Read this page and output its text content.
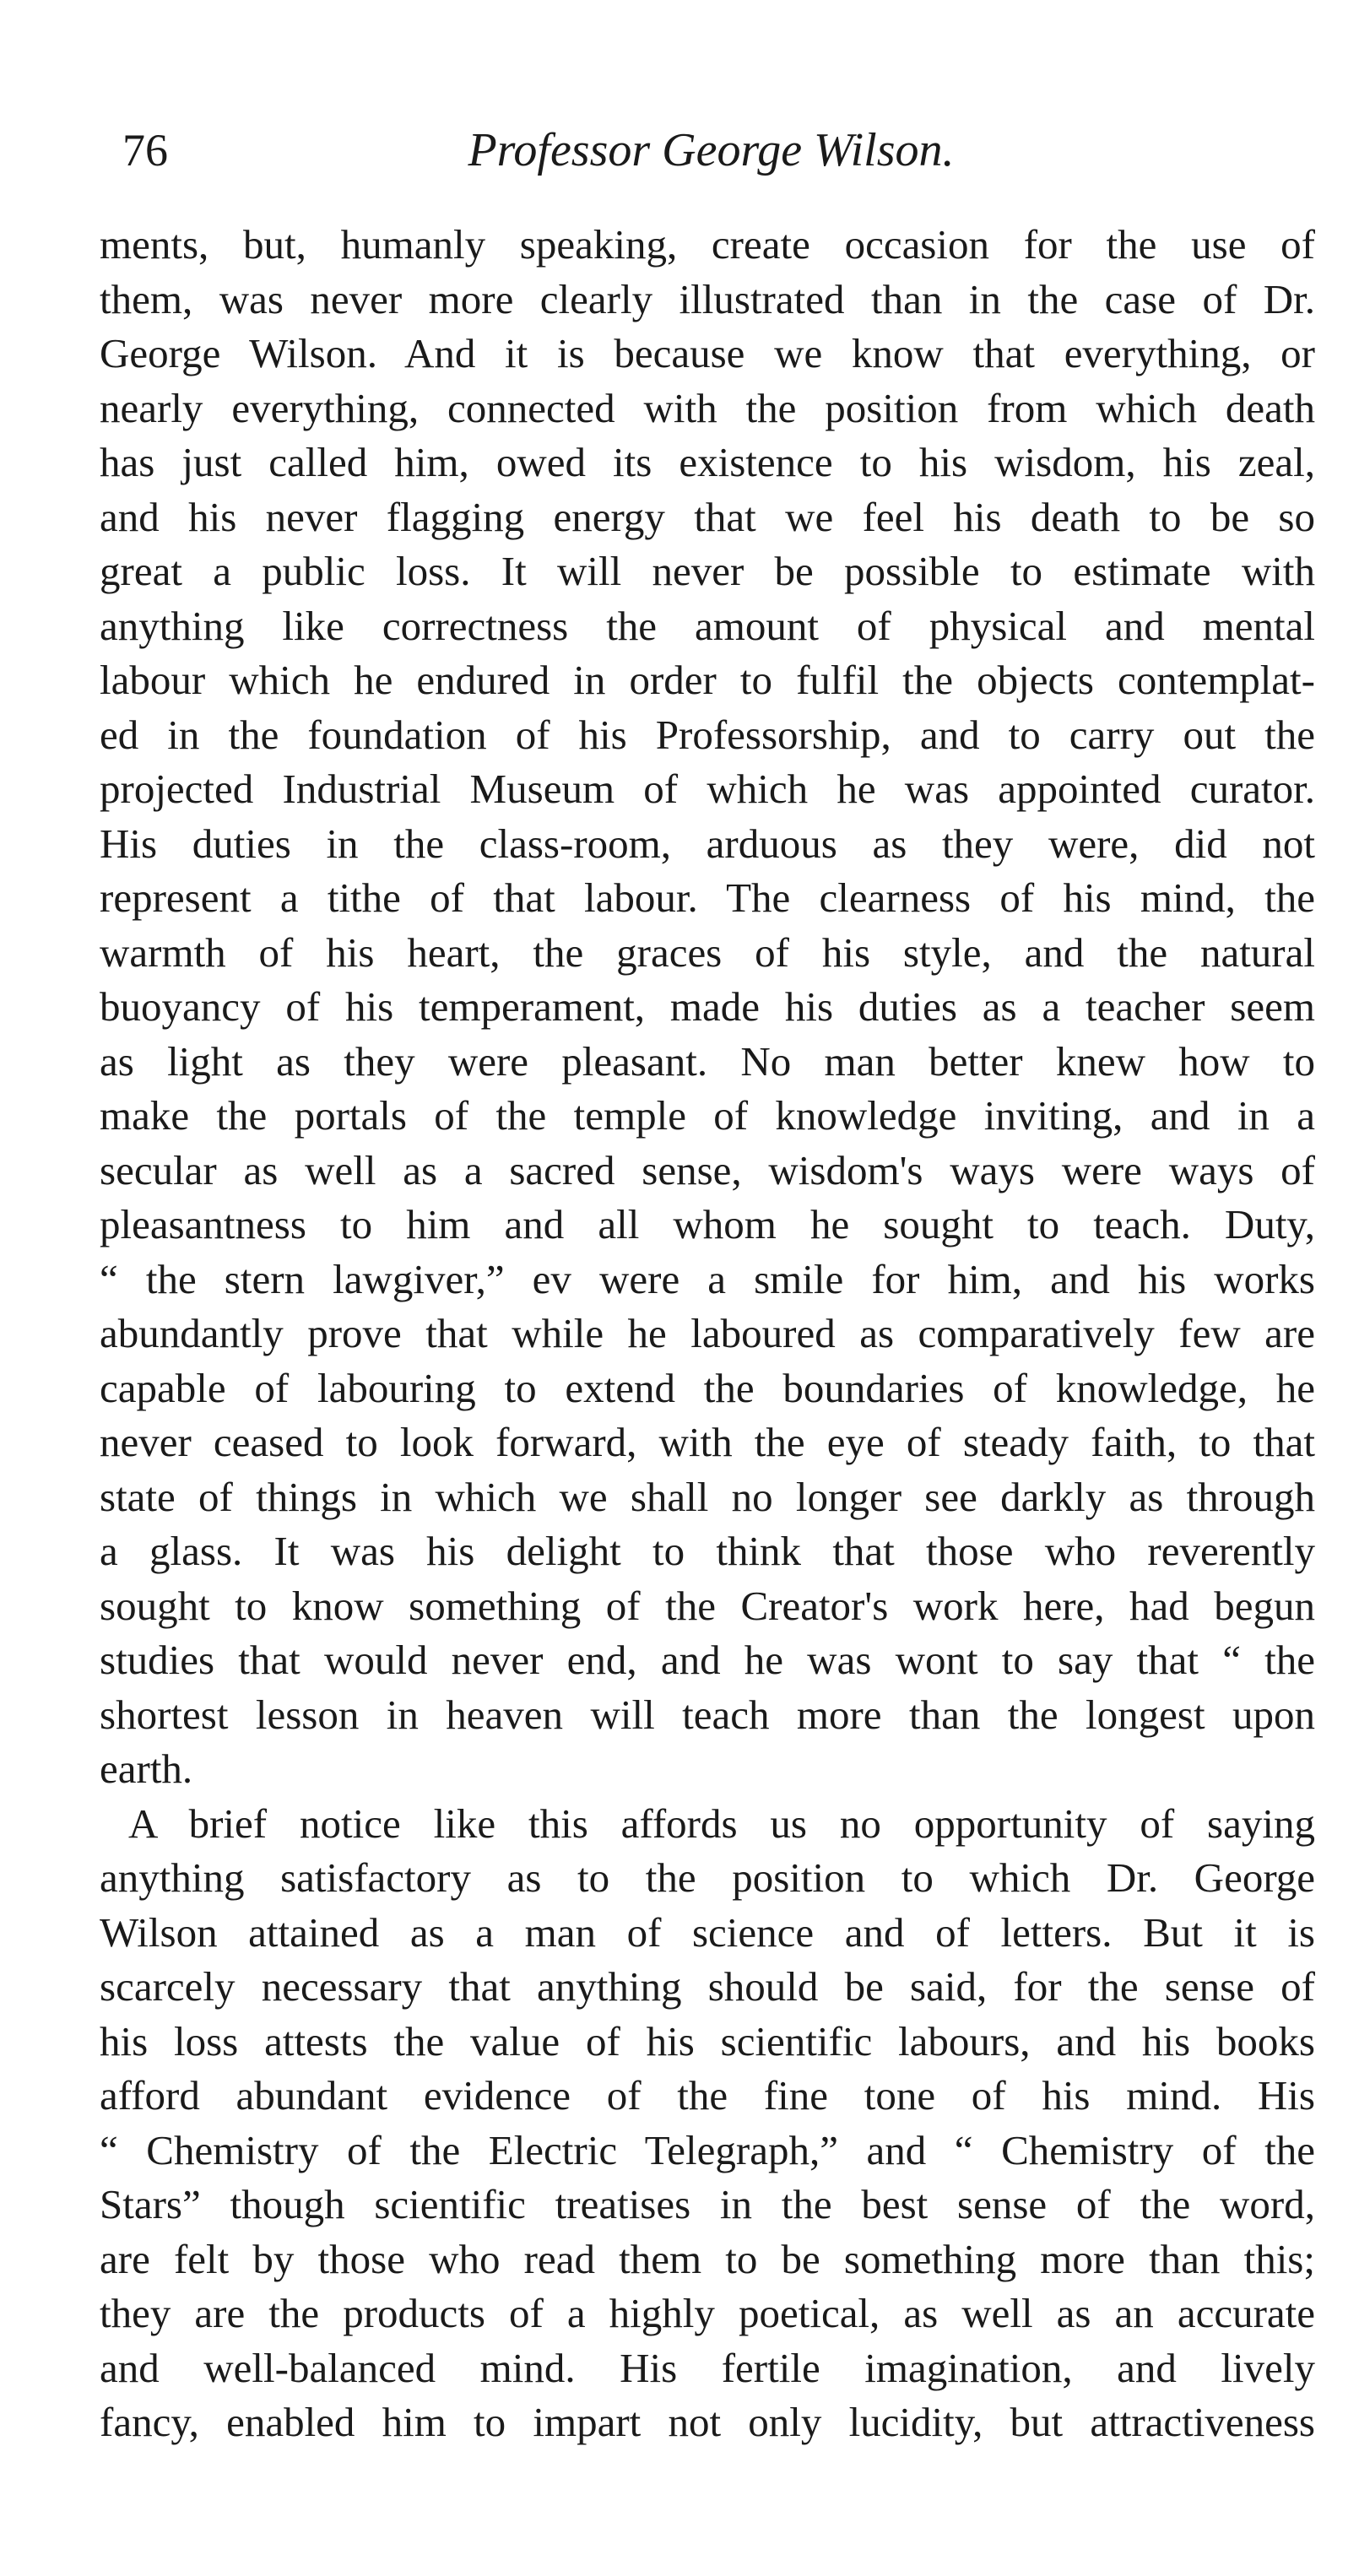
76	Professor George Wilson.
ments, but, humanly speaking, create occasion for the use of
them, was never more clearly illustrated than in the case of Dr.
George Wilson. And it is because we know that everything, or
nearly everything, connected with the position from which death
has just called him, owed its existence to his wisdom, his zeal,
and his never flagging energy that we feel his death to be so
great a public loss. It will never be possible to estimate with
anything like correctness the amount of physical and mental
labour which he endured in order to fulfil the objects contemplat-
ed in the foundation of his Professorship, and to carry out the
projected Industrial Museum of which he was appointed curator.
His duties in the class-room, arduous as they were, did not
represent a tithe of that labour. The clearness of his mind, the
warmth of his heart, the graces of his style, and the natural
buoyancy of his temperament, made his duties as a teacher seem
as light as they were pleasant. No man better knew how to
make the portals of the temple of knowledge inviting, and in a
secular as well as a sacred sense, wisdom's ways were ways of
pleasantness to him and all whom he sought to teach. Duty,
“ the stern lawgiver,” ev were a smile for him, and his works
abundantly prove that while he laboured as comparatively few are
capable of labouring to extend the boundaries of knowledge, he
never ceased to look forward, with the eye of steady faith, to that
state of things in which we shall no longer see darkly as through
a glass. It was his delight to think that those who reverently
sought to know something of the Creator's work here, had begun
studies that would never end, and he was wont to say that “ the
shortest lesson in heaven will teach more than the longest upon
earth.
A brief notice like this affords us no opportunity of saying
anything satisfactory as to the position to which Dr. George
Wilson attained as a man of science and of letters. But it is
scarcely necessary that anything should be said, for the sense of
his loss attests the value of his scientific labours, and his books
afford abundant evidence of the fine tone of his mind. His
“ Chemistry of the Electric Telegraph,” and “ Chemistry of the
Stars” though scientific treatises in the best sense of the word,
are felt by those who read them to be something more than this;
they are the products of a highly poetical, as well as an accurate
and well-balanced mind. His fertile imagination, and lively
fancy, enabled him to impart not only lucidity, but attractiveness
